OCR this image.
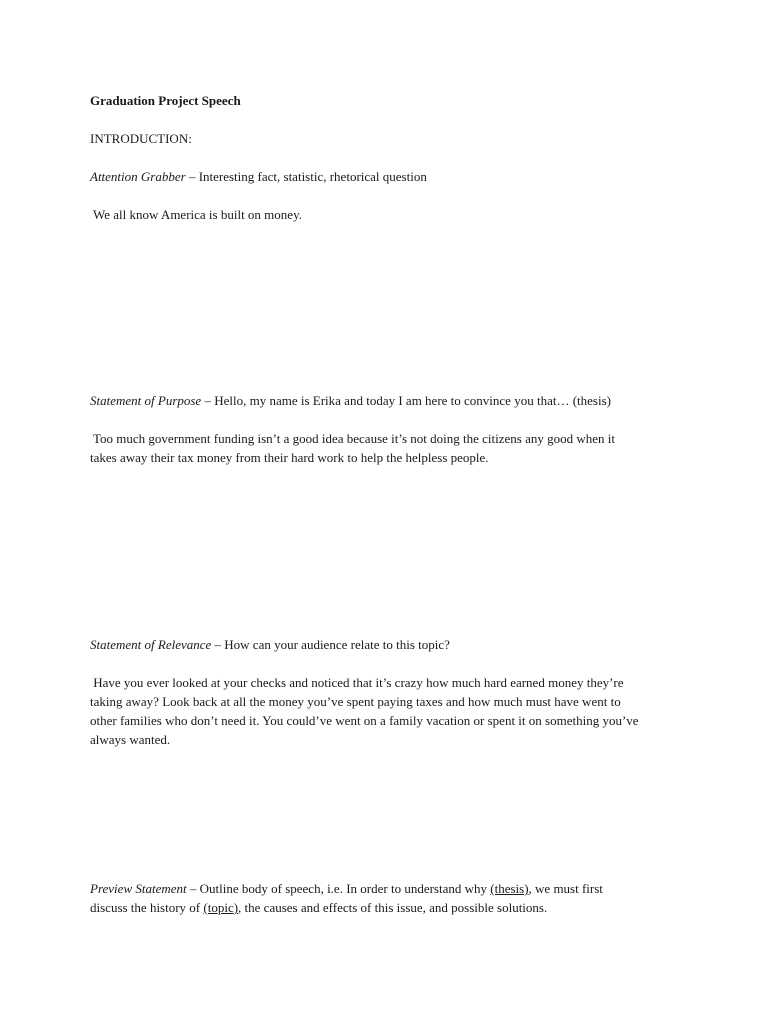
Graduation Project Speech

INTRODUCTION:

Attention Grabber – Interesting fact, statistic, rhetorical question

We all know America is built on money.

Statement of Purpose – Hello, my name is Erika and today I am here to convince you that… (thesis)

Too much government funding isn’t a good idea because it’s not doing the citizens any good when it
takes away their tax money from their hard work to help the helpless people.

Statement of Relevance – How can your audience relate to this topic?

Have you ever looked at your checks and noticed that it’s crazy how much hard earned money they’re
taking away? Look back at all the money you’ve spent paying taxes and how much must have went to
other families who don’t need it. You could’ve went on a family vacation or spent it on something you’ve
always wanted.
Preview Statement – Outline body of speech, i.e. In order to understand why (thesis), we must first
discuss the history of (topic), the causes and effects of this issue, and possible solutions.
